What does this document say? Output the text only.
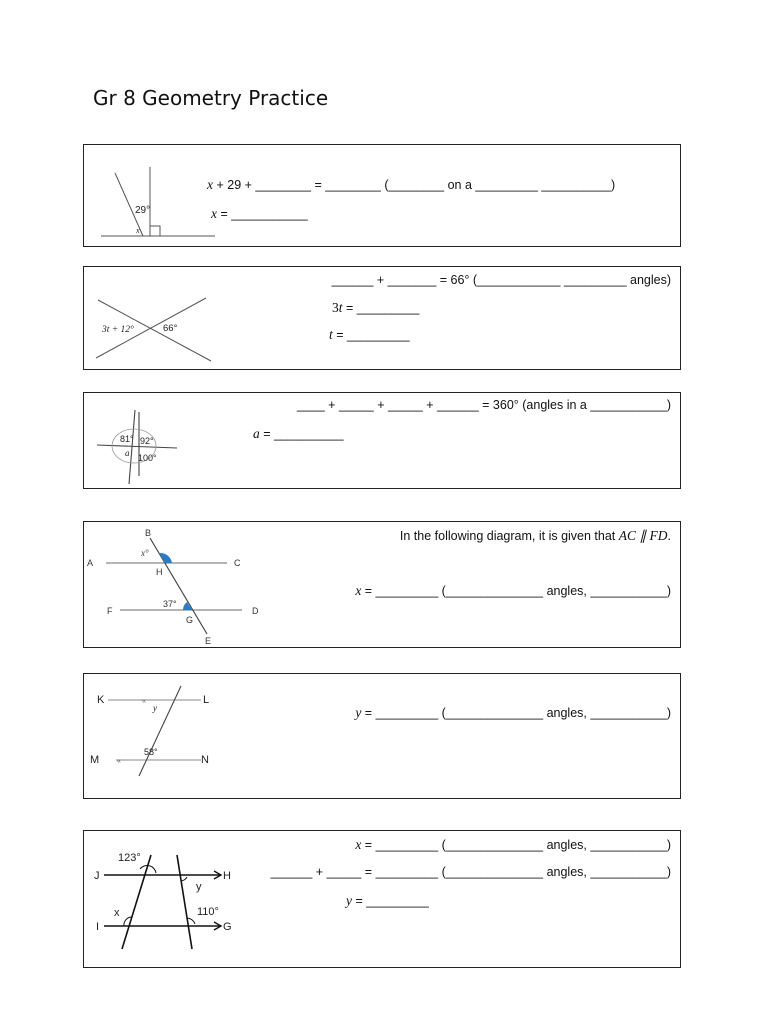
Gr 8 Geometry Practice
29°
x
x + 29 + ________ = ________ (________ on a _________ __________)
x = ___________
3t + 12°	66°
______ + _______ = 66° (____________ _________ angles)
3t = _________
t = _________
81° 92°
a 100°
____ + _____ + _____ + ______ = 360° (angles in a ___________)
a = __________
B
A	C
x°
H
37°
F	D
G
E
In the following diagram, it is given that AC ∥ FD.
x = _________ (______________ angles, ___________)
«
«
K	L
y
58°
M	N
y = _________ (______________ angles, ___________)
123°
J	H
y
x	110°
I	G
x = _________ (______________ angles, ___________)
______ + _____ = _________ (______________ angles, ___________)
y = _________
